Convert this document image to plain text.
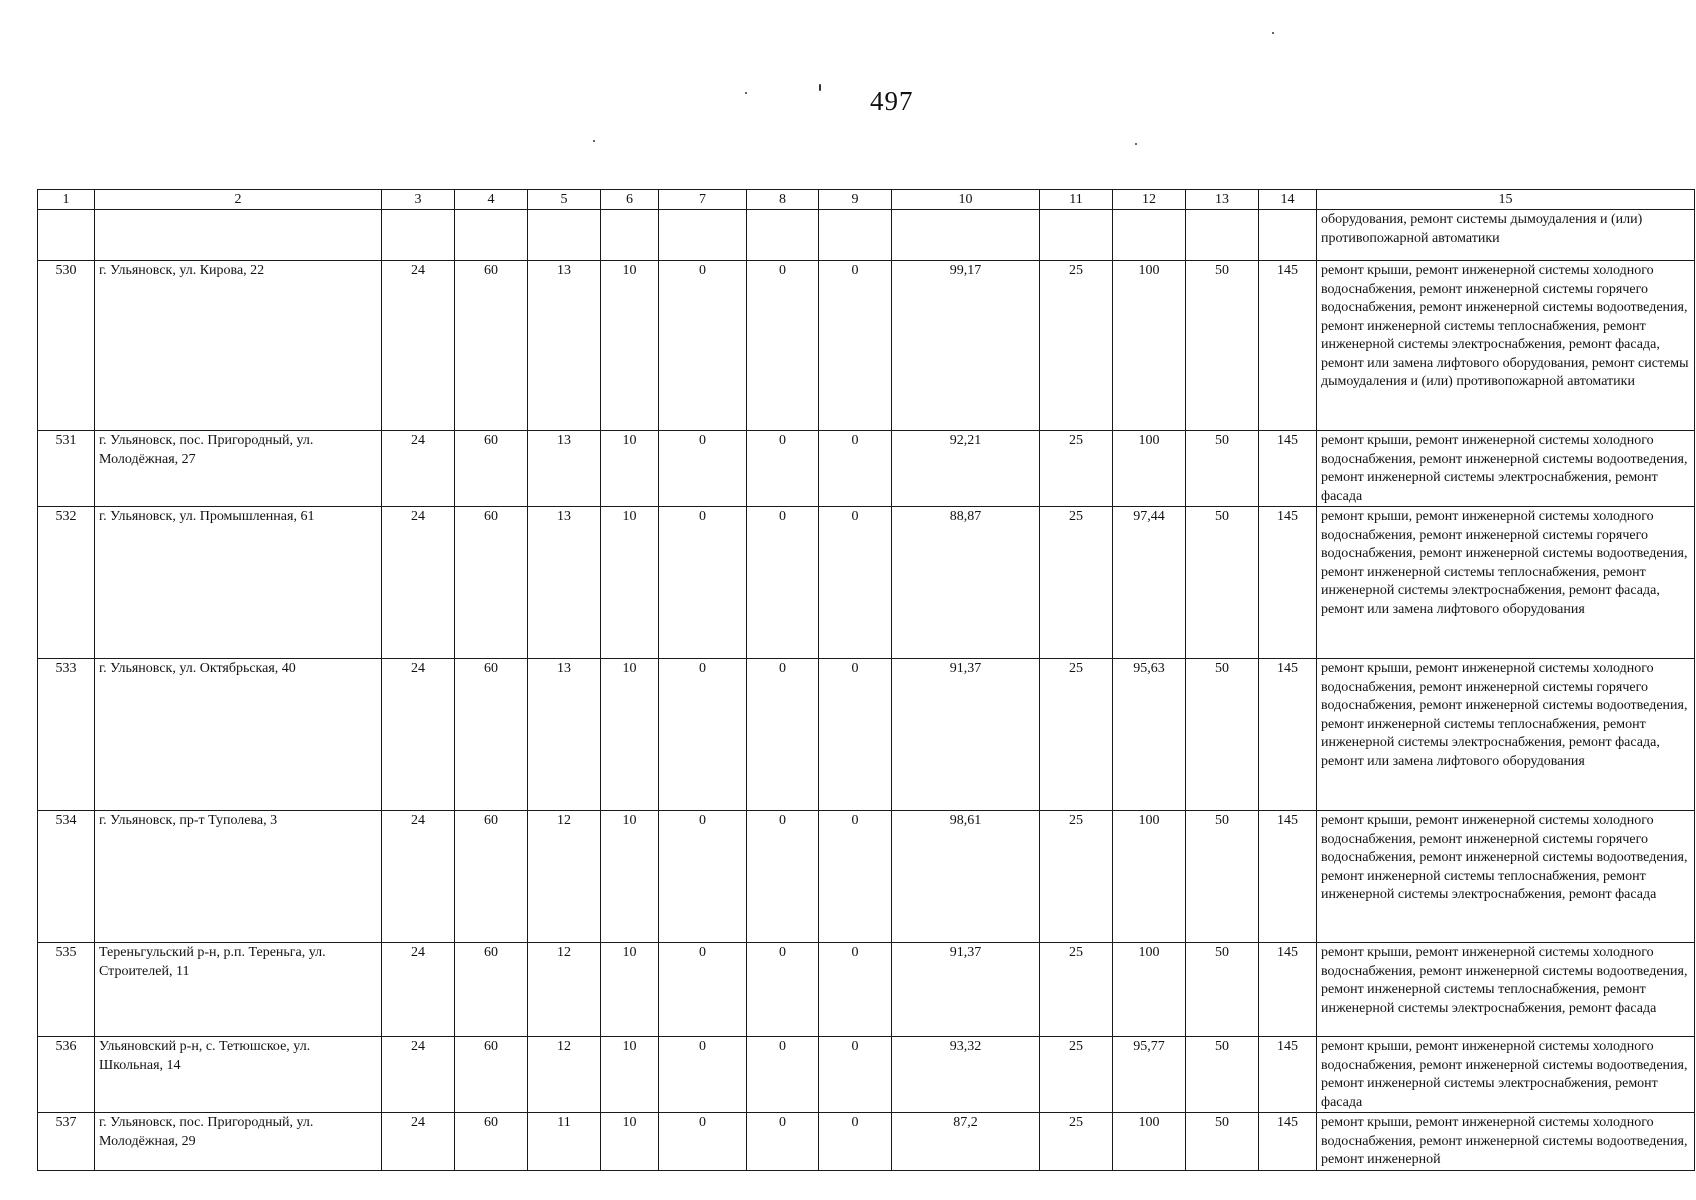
497
1	2	3	4	5	6	7	8	9	10	11	12	13	14	15
														оборудования, ремонт системы дымоудаления и (или) противопожарной автоматики
530	г. Ульяновск, ул. Кирова, 22	24	60	13	10	0	0	0	99,17	25	100	50	145	ремонт крыши, ремонт инженерной системы холодного водоснабжения, ремонт инженерной системы горячего водоснабжения, ремонт инженерной системы водоотведения, ремонт инженерной системы теплоснабжения, ремонт инженерной системы электроснабжения, ремонт фасада, ремонт или замена лифтового оборудования, ремонт системы дымоудаления и (или) противопожарной автоматики
531	г. Ульяновск, пос. Пригородный, ул. Молодёжная, 27	24	60	13	10	0	0	0	92,21	25	100	50	145	ремонт крыши, ремонт инженерной системы холодного водоснабжения, ремонт инженерной системы водоотведения, ремонт инженерной системы электроснабжения, ремонт фасада
532	г. Ульяновск, ул. Промышленная, 61	24	60	13	10	0	0	0	88,87	25	97,44	50	145	ремонт крыши, ремонт инженерной системы холодного водоснабжения, ремонт инженерной системы горячего водоснабжения, ремонт инженерной системы водоотведения, ремонт инженерной системы теплоснабжения, ремонт инженерной системы электроснабжения, ремонт фасада, ремонт или замена лифтового оборудования
533	г. Ульяновск, ул. Октябрьская, 40	24	60	13	10	0	0	0	91,37	25	95,63	50	145	ремонт крыши, ремонт инженерной системы холодного водоснабжения, ремонт инженерной системы горячего водоснабжения, ремонт инженерной системы водоотведения, ремонт инженерной системы теплоснабжения, ремонт инженерной системы электроснабжения, ремонт фасада, ремонт или замена лифтового оборудования
534	г. Ульяновск, пр-т Туполева, 3	24	60	12	10	0	0	0	98,61	25	100	50	145	ремонт крыши, ремонт инженерной системы холодного водоснабжения, ремонт инженерной системы горячего водоснабжения, ремонт инженерной системы водоотведения, ремонт инженерной системы теплоснабжения, ремонт инженерной системы электроснабжения, ремонт фасада
535	Тереньгульский р-н, р.п. Тереньга, ул. Строителей, 11	24	60	12	10	0	0	0	91,37	25	100	50	145	ремонт крыши, ремонт инженерной системы холодного водоснабжения, ремонт инженерной системы водоотведения, ремонт инженерной системы теплоснабжения, ремонт инженерной системы электроснабжения, ремонт фасада
536	Ульяновский р-н, с. Тетюшское, ул. Школьная, 14	24	60	12	10	0	0	0	93,32	25	95,77	50	145	ремонт крыши, ремонт инженерной системы холодного водоснабжения, ремонт инженерной системы водоотведения, ремонт инженерной системы электроснабжения, ремонт фасада
537	г. Ульяновск, пос. Пригородный, ул. Молодёжная, 29	24	60	11	10	0	0	0	87,2	25	100	50	145	ремонт крыши, ремонт инженерной системы холодного водоснабжения, ремонт инженерной системы водоотведения, ремонт инженерной
